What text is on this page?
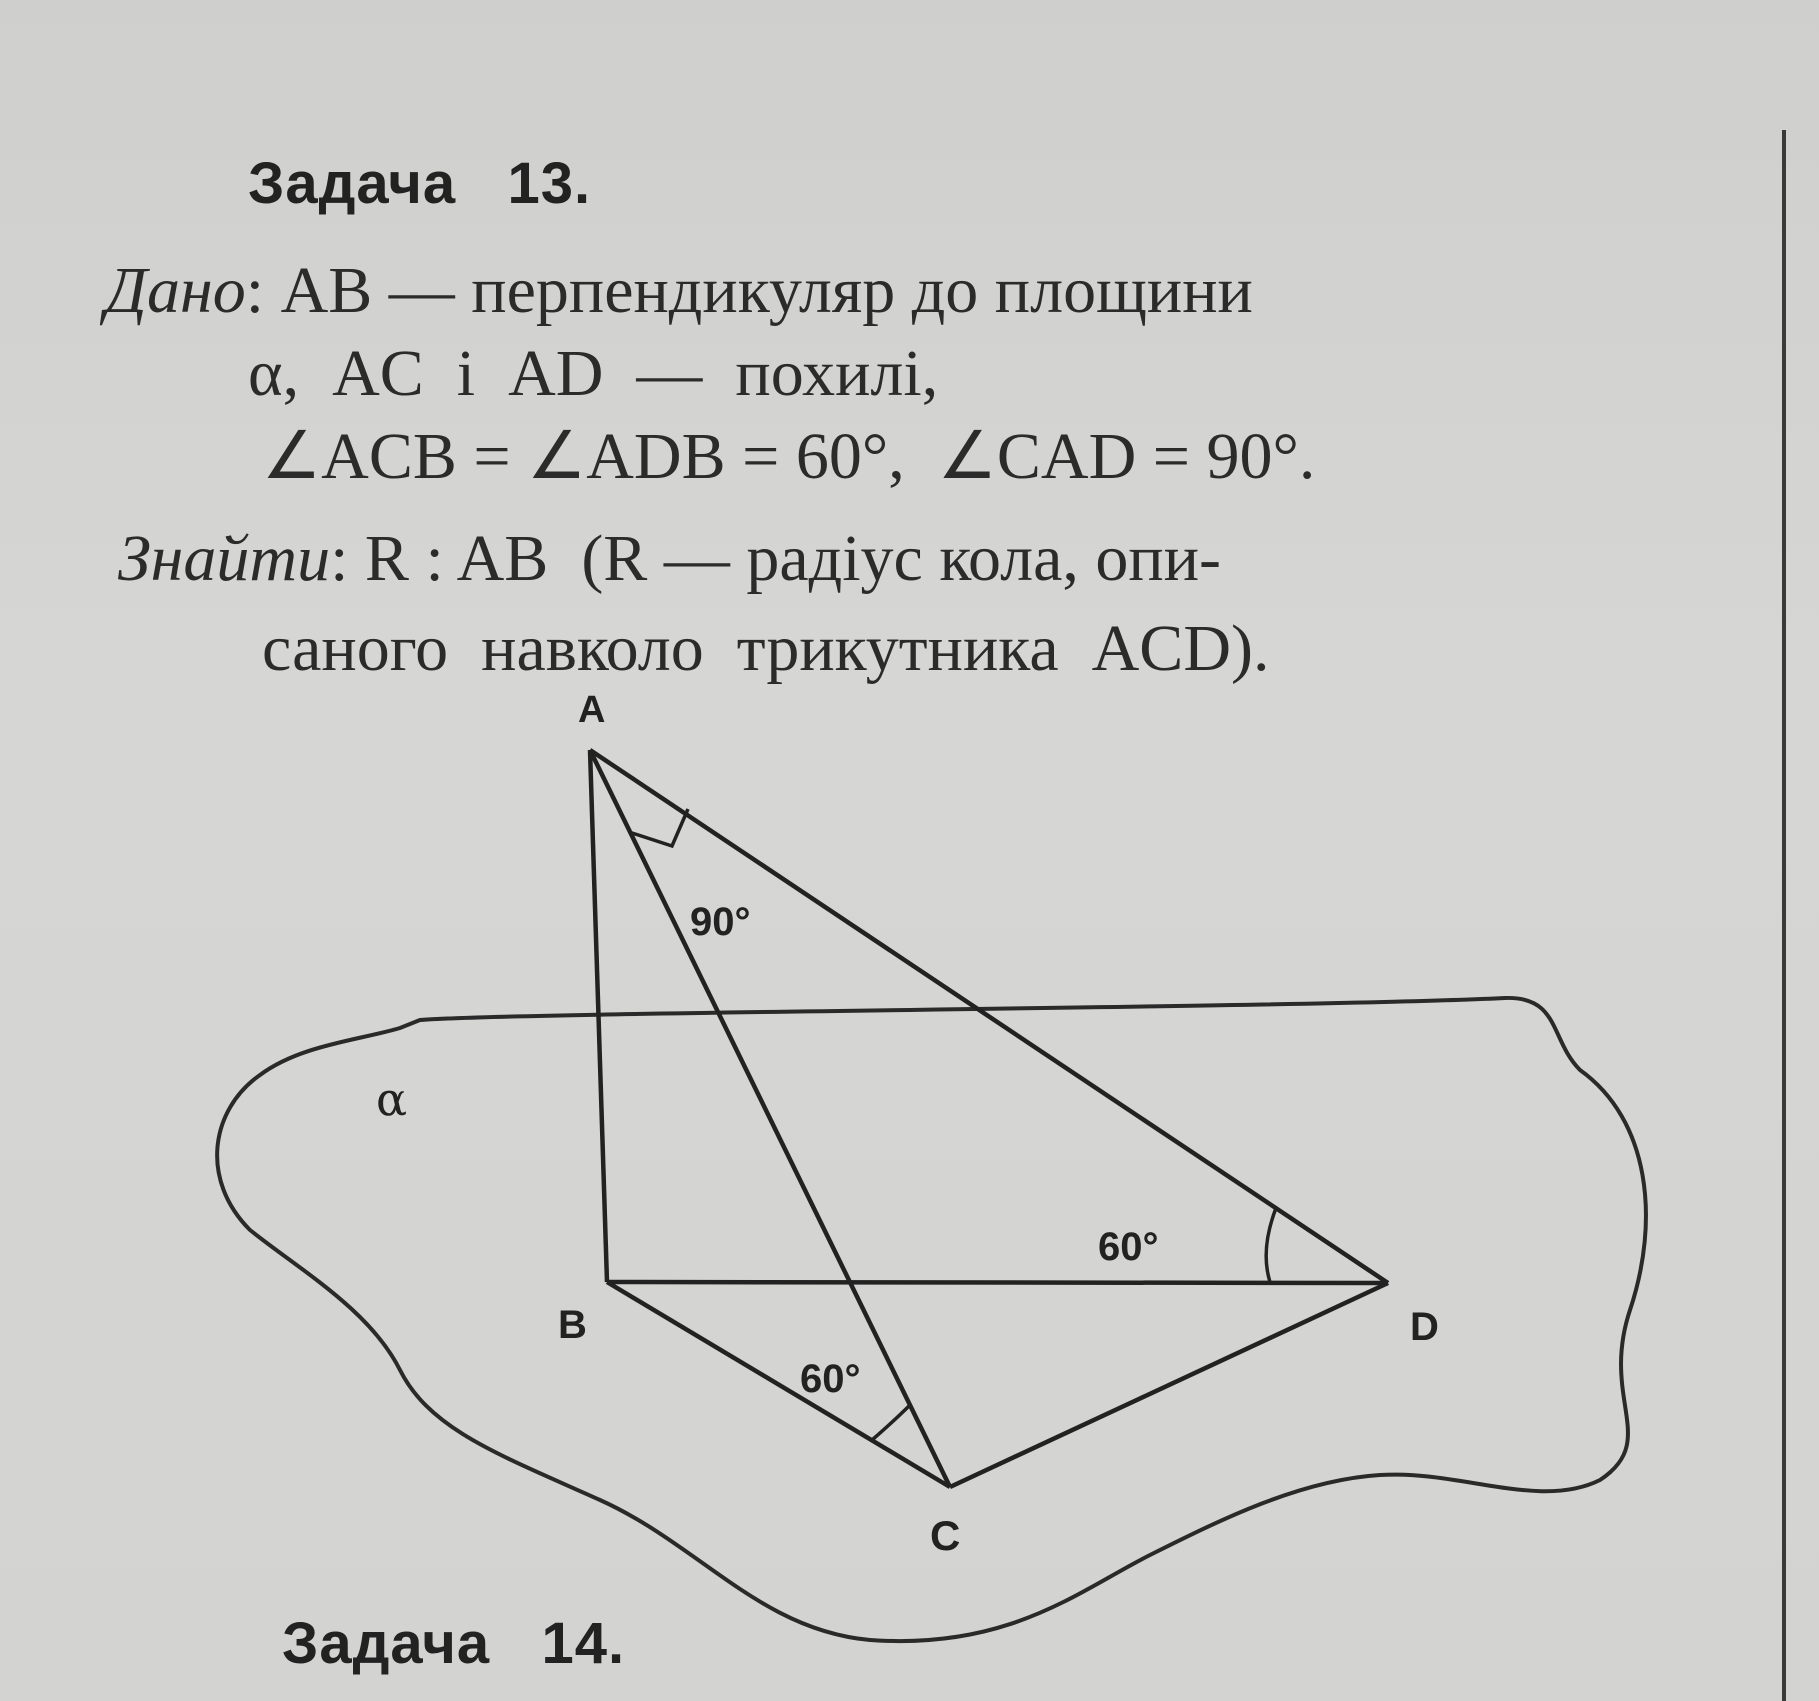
Задача   13.
Дано: AB — перпендикуляр до площини
α,  AC  і  AD  —  похилі,
∠ACB = ∠ADB = 60°,  ∠CAD = 90°.
Знайти: R : AB  (R — радіус кола, опи-
саного  навколо  трикутника  ACD).
A
B
C
D
α
90°
60°
60°
Задача   14.
